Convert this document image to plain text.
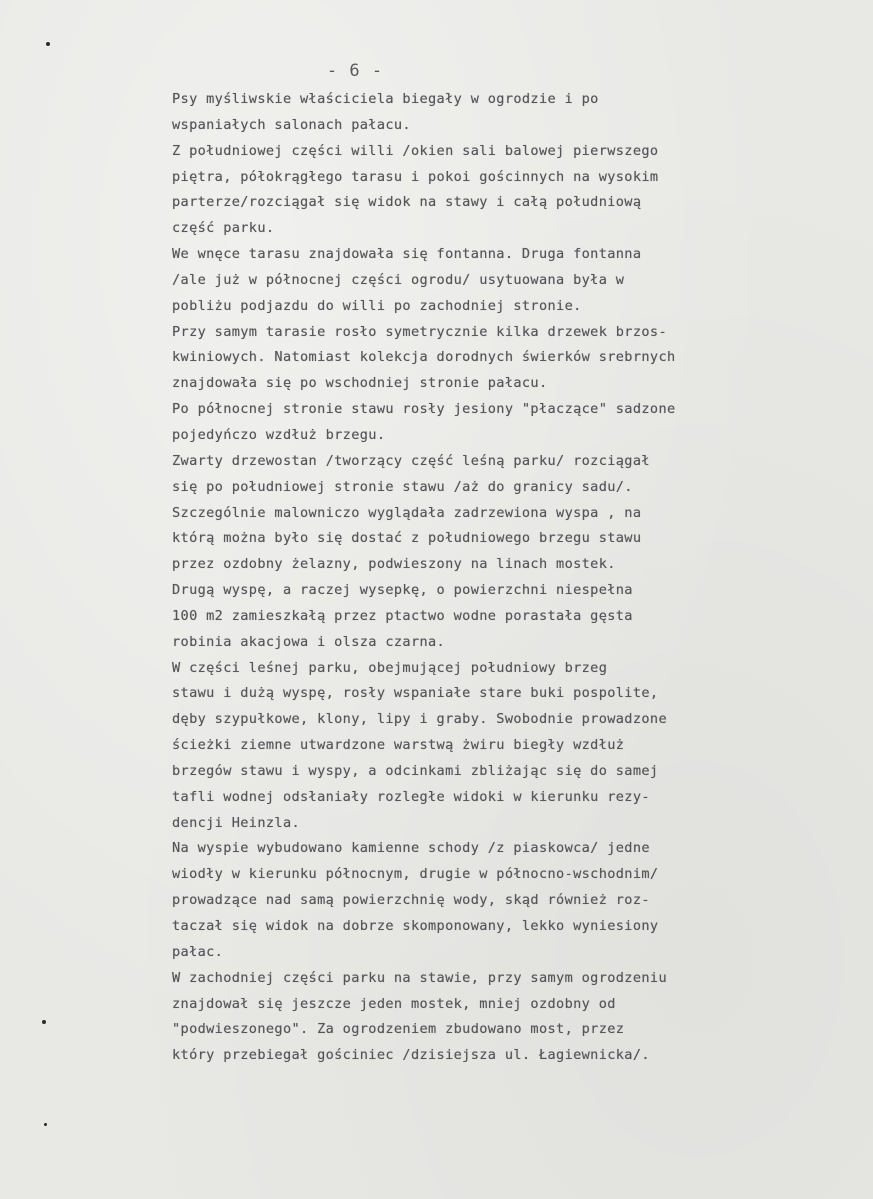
- 6 -
Psy myśliwskie właściciela biegały w ogrodzie i po
wspaniałych salonach pałacu.
Z południowej części willi /okien sali balowej pierwszego
piętra, półokrągłego tarasu i pokoi gościnnych na wysokim
parterze/rozciągał się widok na stawy i całą południową
część parku.
We wnęce tarasu znajdowała się fontanna. Druga fontanna
/ale już w północnej części ogrodu/ usytuowana była w
pobliżu podjazdu do willi po zachodniej stronie.
Przy samym tarasie rosło symetrycznie kilka drzewek brzos-
kwiniowych. Natomiast kolekcja dorodnych świerków srebrnych
znajdowała się po wschodniej stronie pałacu.
Po północnej stronie stawu rosły jesiony "płaczące" sadzone
pojedyńczo wzdłuż brzegu.
Zwarty drzewostan /tworzący część leśną parku/ rozciągał
się po południowej stronie stawu /aż do granicy sadu/.
Szczególnie malowniczo wyglądała zadrzewiona wyspa , na
którą można było się dostać z południowego brzegu stawu
przez ozdobny żelazny, podwieszony na linach mostek.
Drugą wyspę, a raczej wysepkę, o powierzchni niespełna
100 m2 zamieszkałą przez ptactwo wodne porastała gęsta
robinia akacjowa i olsza czarna.
W części leśnej parku, obejmującej południowy brzeg
stawu i dużą wyspę, rosły wspaniałe stare buki pospolite,
dęby szypułkowe, klony, lipy i graby. Swobodnie prowadzone
ścieżki ziemne utwardzone warstwą żwiru biegły wzdłuż
brzegów stawu i wyspy, a odcinkami zbliżając się do samej
tafli wodnej odsłaniały rozległe widoki w kierunku rezy-
dencji Heinzla.
Na wyspie wybudowano kamienne schody /z piaskowca/ jedne
wiodły w kierunku północnym, drugie w północno-wschodnim/
prowadzące nad samą powierzchnię wody, skąd również roz-
taczał się widok na dobrze skomponowany, lekko wyniesiony
pałac.
W zachodniej części parku na stawie, przy samym ogrodzeniu
znajdował się jeszcze jeden mostek, mniej ozdobny od
"podwieszonego". Za ogrodzeniem zbudowano most, przez
który przebiegał gościniec /dzisiejsza ul. Łagiewnicka/.
